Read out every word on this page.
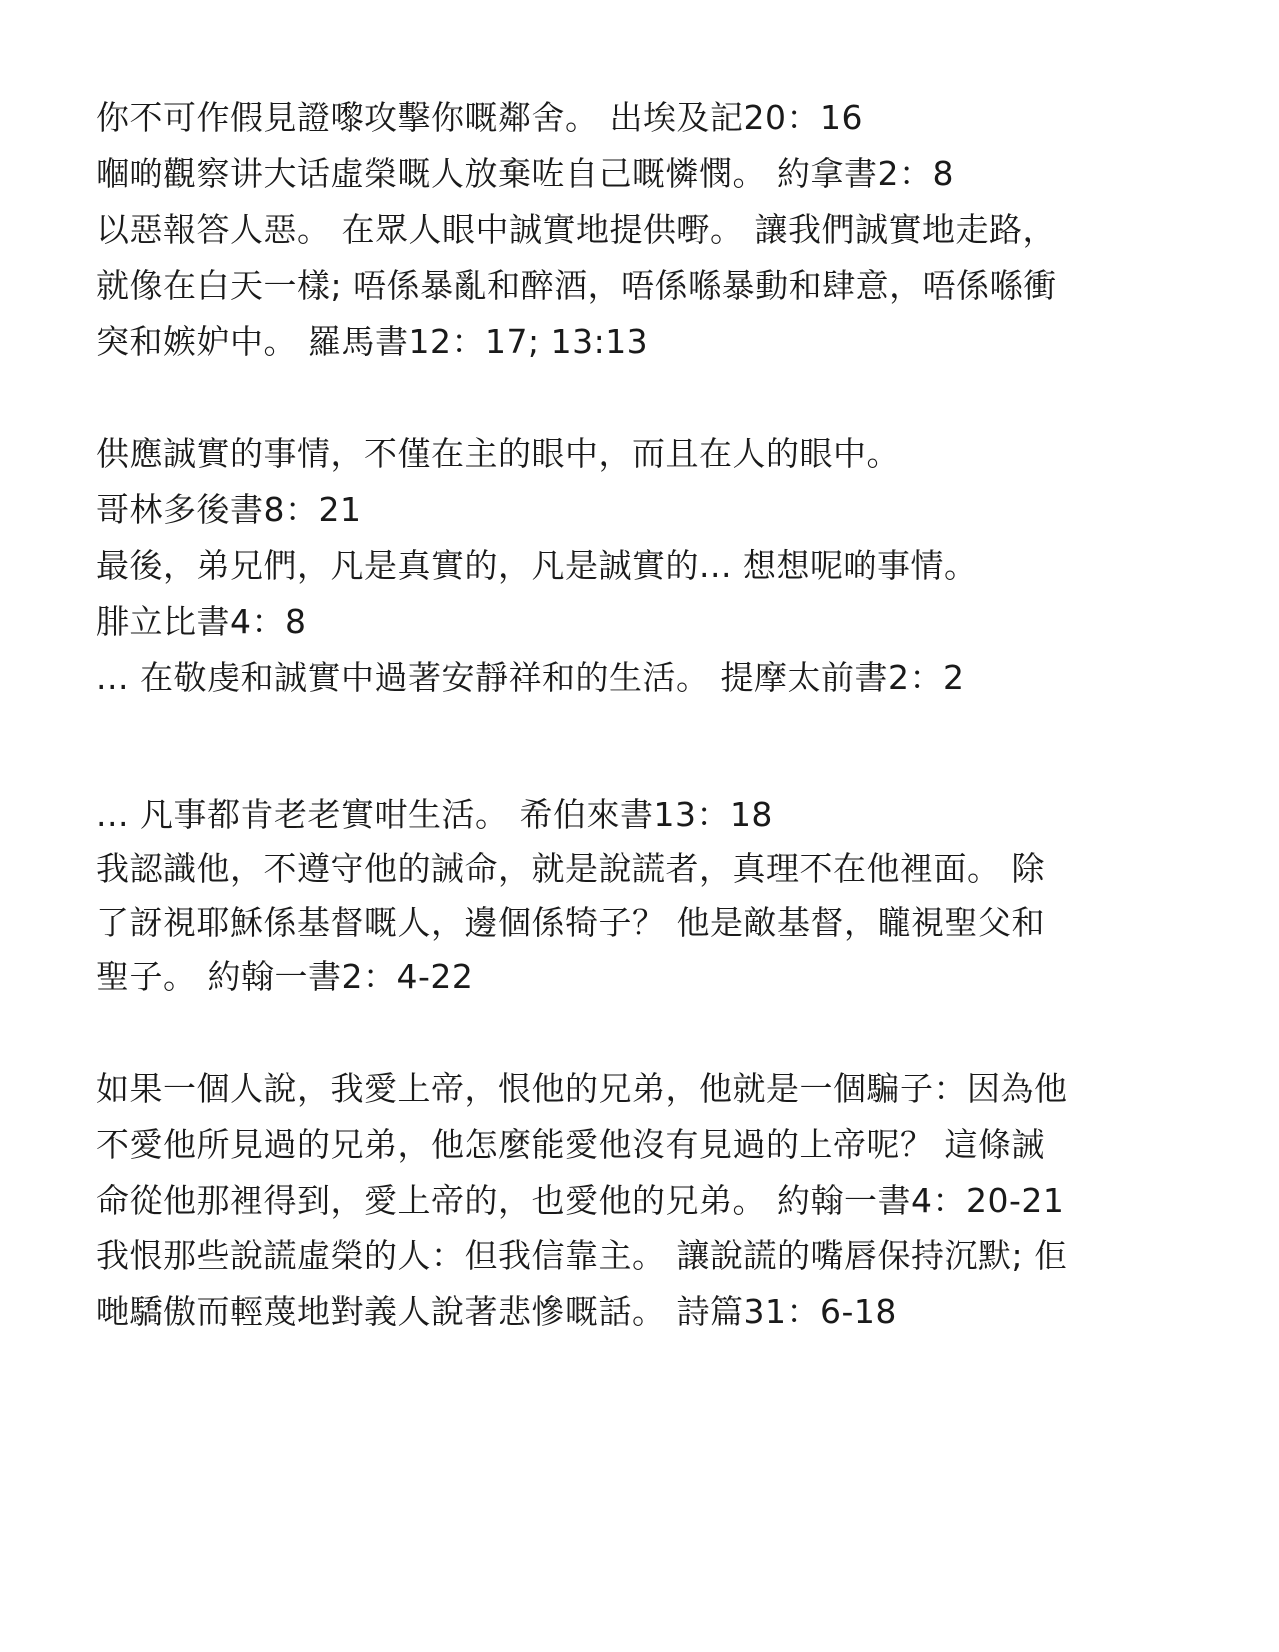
你不可作假見證嚟攻擊你嘅鄰舍。 出埃及記20：16
嗰啲觀察讲大话虛榮嘅人放棄咗自己嘅憐憫。 約拿書2：8
以惡報答人惡。 在眾人眼中誠實地提供嘢。 讓我們誠實地走路，
就像在白天一樣; 唔係暴亂和醉酒，唔係喺暴動和肆意，唔係喺衝
突和嫉妒中。 羅馬書12：17; 13:13
供應誠實的事情，不僅在主的眼中，而且在人的眼中。
哥林多後書8：21
最後，弟兄們，凡是真實的，凡是誠實的... 想想呢啲事情。
腓立比書4：8
... 在敬虔和誠實中過著安靜祥和的生活。 提摩太前書2：2
... 凡事都肯老老實咁生活。 希伯來書13：18
我認識他，不遵守他的誡命，就是說謊者，真理不在他裡面。 除
了訝視耶穌係基督嘅人，邊個係犄子？ 他是敵基督，矓視聖父和
聖子。 約翰一書2：4-22
如果一個人說，我愛上帝，恨他的兄弟，他就是一個騙子：因為他
不愛他所見過的兄弟，他怎麼能愛他沒有見過的上帝呢？ 這條誡
命從他那裡得到，愛上帝的，也愛他的兄弟。 約翰一書4：20-21
我恨那些說謊虛榮的人：但我信靠主。 讓說謊的嘴唇保持沉默; 佢
哋驕傲而輕蔑地對義人說著悲慘嘅話。 詩篇31：6-18
